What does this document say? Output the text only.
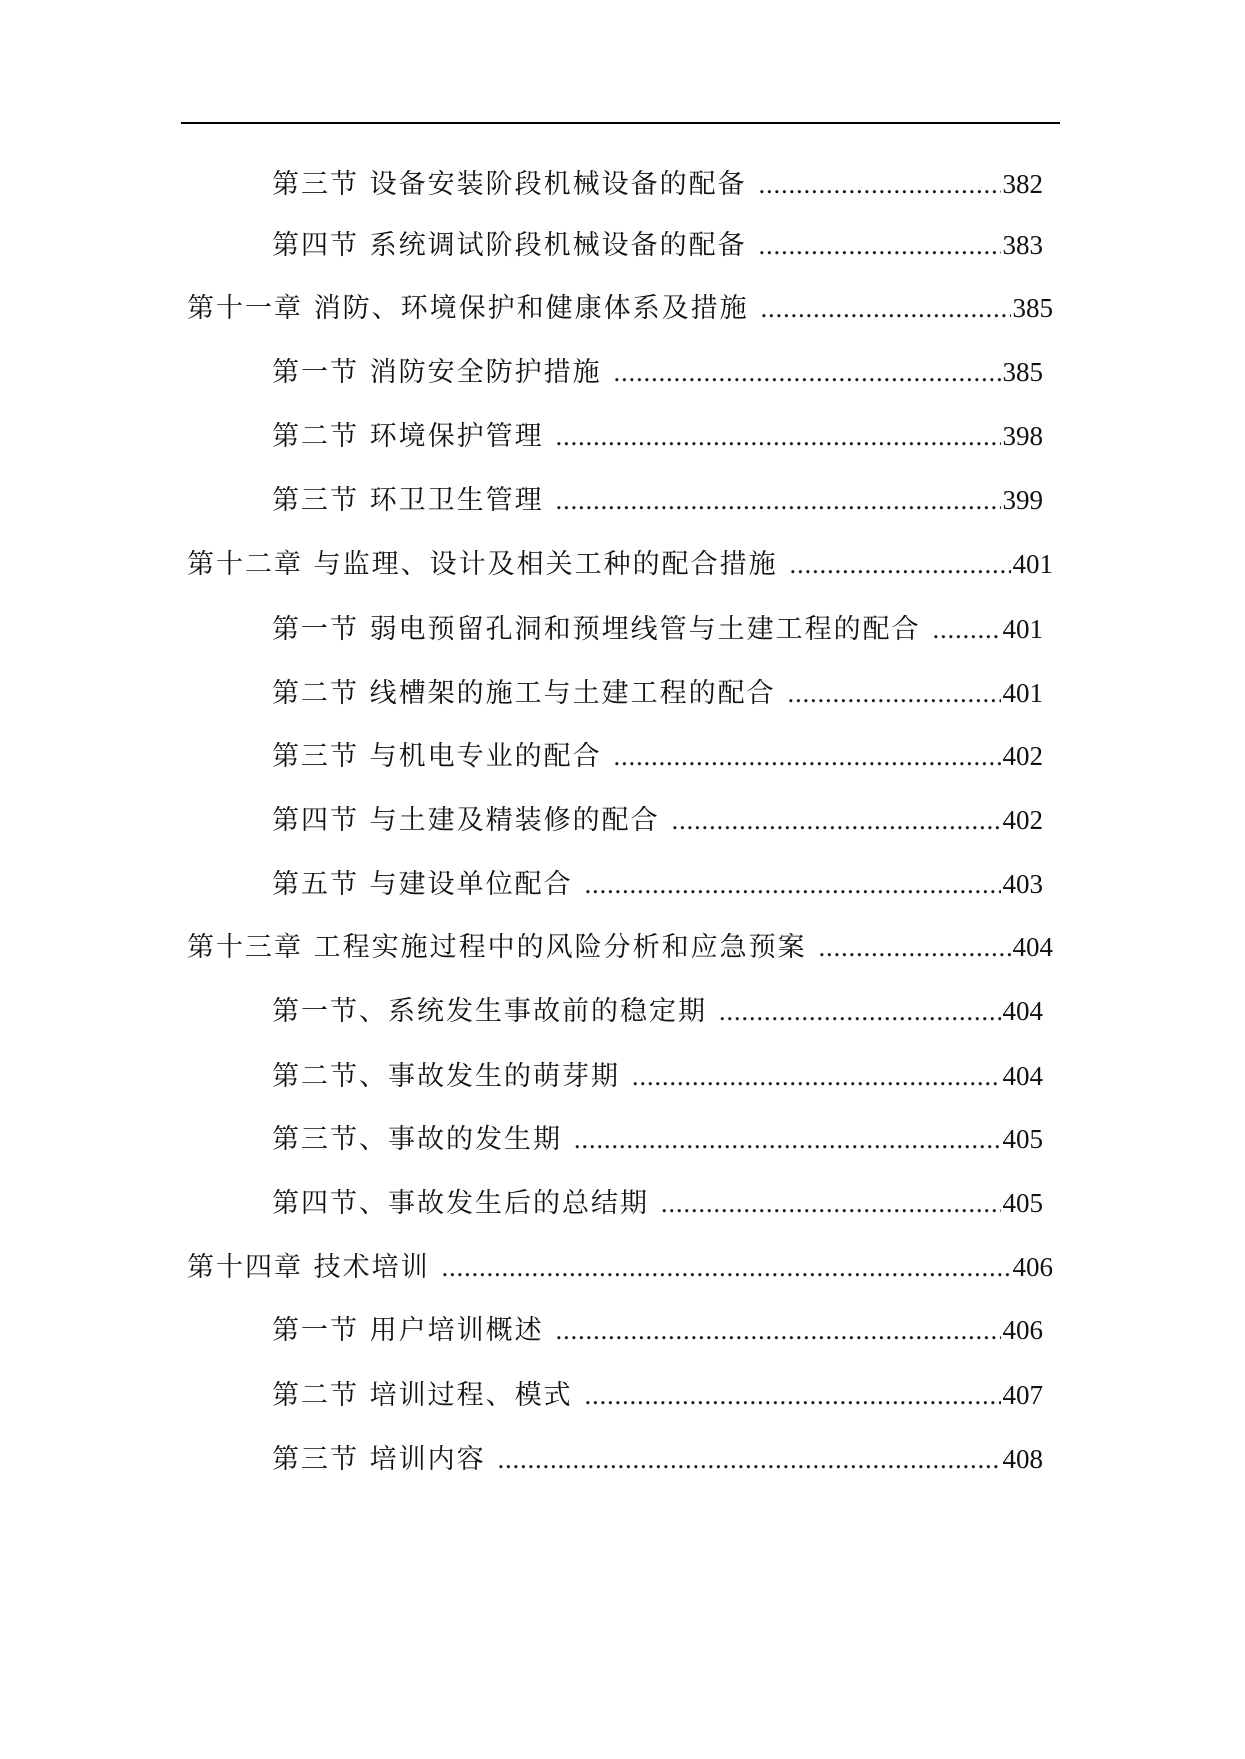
第三节 设备安装阶段机械设备的配备 .....	382
第四节 系统调试阶段机械设备的配备 .....	383
第十一章 消防、环境保护和健康体系及措施 .....	385
第一节 消防安全防护措施 .....	385
第二节 环境保护管理 .....	398
第三节 环卫卫生管理 .....	399
第十二章 与监理、设计及相关工种的配合措施 .....	401
第一节 弱电预留孔洞和预埋线管与土建工程的配合 .....	401
第二节 线槽架的施工与土建工程的配合 .....	401
第三节 与机电专业的配合 .....	402
第四节 与土建及精装修的配合 .....	402
第五节 与建设单位配合 .....	403
第十三章 工程实施过程中的风险分析和应急预案 .....	404
第一节、系统发生事故前的稳定期 .....	404
第二节、事故发生的萌芽期 .....	404
第三节、事故的发生期 .....	405
第四节、事故发生后的总结期 .....	405
第十四章 技术培训 .....	406
第一节 用户培训概述 .....	406
第二节 培训过程、模式 .....	407
第三节 培训内容 .....	408
